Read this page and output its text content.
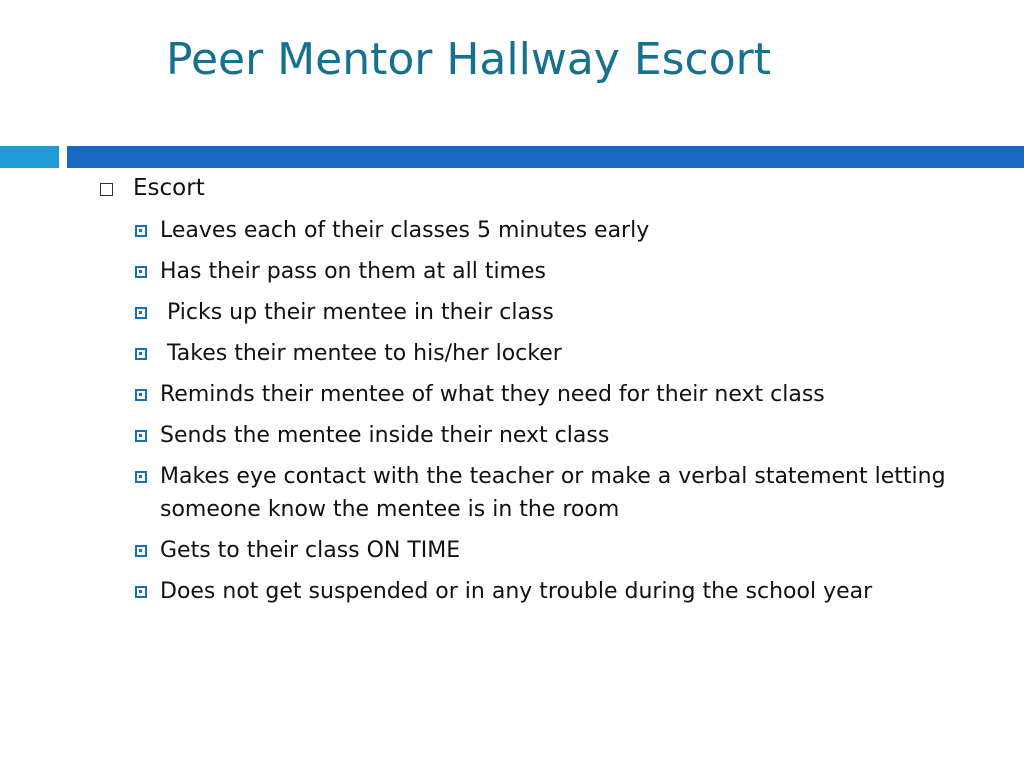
Peer Mentor Hallway Escort
Escort
Leaves each of their classes 5 minutes early
Has their pass on them at all times
Picks up their mentee in their class
Takes their mentee to his/her locker
Reminds their mentee of what they need for their next class
Sends the mentee inside their next class
Makes eye contact with the teacher or make a verbal statement letting someone know the mentee is in the room
Gets to their class ON TIME
Does not get suspended or in any trouble during the school year
